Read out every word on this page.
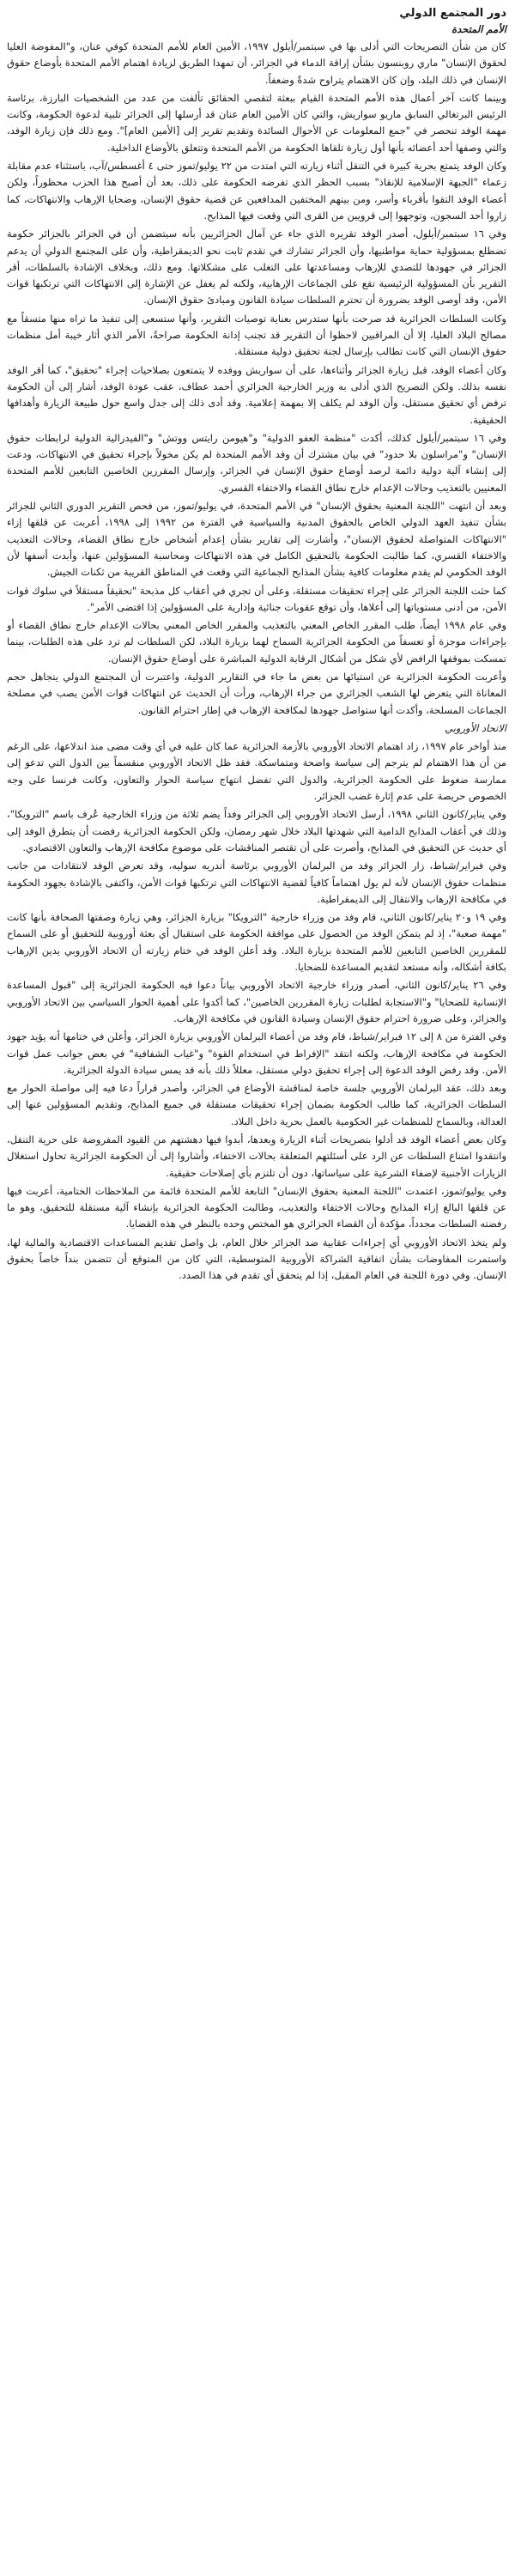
دور المجتمع الدولي
الأمم المتحدة

كان من شأن التصريحات التي أدلى بها في سبتمبر/أيلول ١٩٩٧، الأمين العام للأمم المتحدة كوفي عنان، و"المفوضة العليا لحقوق الإنسان" ماري روبنسون بشأن إراقة الدماء في الجزائر، أن تمهدا الطريق لزيادة اهتمام الأمم المتحدة بأوضاع حقوق الإنسان في ذلك البلد، وإن كان الاهتمام يتراوح شدةً وضعفاً.

وبينما كانت آخر أعمال هذه الأمم المتحدة القيام ببعثة لتقصي الحقائق تألفت من عدد من الشخصيات البارزة، برئاسة الرئيس البرتغالي السابق ماريو سواريش، والتي كان الأمين العام عنان قد أرسلها إلى الجزائر تلبية لدعوة الحكومة، وكانت مهمة الوفد تنحصر في "جمع المعلومات عن الأحوال السائدة وتقديم تقرير إلى [الأمين العام]". ومع ذلك فإن زيارة الوفد، والتي وصفها أحد أعضائه بأنها أول زيارة تلقاها الحكومة من الأمم المتحدة وتتعلق بالأوضاع الداخلية.

وكان الوفد يتمتع بحرية كبيرة في التنقل أثناء زيارته التي امتدت من ٢٢ يوليو/تموز حتى ٤ أغسطس/آب، باستثناء عدم مقابلة زعماء "الجبهة الإسلامية للإنقاذ" بسبب الحظر الذي تفرضه الحكومة على ذلك، بعد أن أصبح هذا الحزب محظوراً، ولكن أعضاء الوفد التقوا بأقرباء وأسر، ومن بينهم المختفين المدافعين عن قضية حقوق الإنسان، وضحايا الإرهاب والانتهاكات، كما زاروا أحد السجون، وتوجهوا إلى قرويين من القرى التي وقعت فيها المذابح.

وفي ١٦ سبتمبر/أيلول، أصدر الوفد تقريره الذي جاء عن آمال الجزائريين بأنه سيتضمن أن في الجزائر بالجزائر حكومة تضطلع بمسؤولية حماية مواطنيها، وأن الجزائر تشارك في تقدم ثابت نحو الديمقراطية، وأن على المجتمع الدولي أن يدعم الجزائر في جهودها للتصدي للإرهاب ومساعدتها على التغلب على مشكلاتها. ومع ذلك، وبخلاف الإشادة بالسلطات، أقر التقرير بأن المسؤولية الرئيسية تقع على الجماعات الإرهابية، ولكنه لم يغفل عن الإشارة إلى الانتهاكات التي ترتكبها قوات الأمن، وقد أوصى الوفد بضرورة أن تحترم السلطات سيادة القانون ومبادئ حقوق الإنسان.

وكانت السلطات الجزائرية قد صرحت بأنها ستدرس بعناية توصيات التقرير، وأنها ستسعى إلى تنفيذ ما تراه منها متسقاً مع مصالح البلاد العليا، إلا أن المراقبين لاحظوا أن التقرير قد تجنب إدانة الحكومة صراحةً، الأمر الذي أثار خيبة أمل منظمات حقوق الإنسان التي كانت تطالب بإرسال لجنة تحقيق دولية مستقلة.

وكان أعضاء الوفد، قبل زيارة الجزائر وأثناءها، على أن سواريش ووفده لا يتمتعون بصلاحيات إجراء "تحقيق"، كما أقر الوفد نفسه بذلك. ولكن التصريح الذي أدلى به وزير الخارجية الجزائري أحمد عطاف، عقب عودة الوفد، أشار إلى أن الحكومة ترفض أي تحقيق مستقل، وأن الوفد لم يكلف إلا بمهمة إعلامية. وقد أدى ذلك إلى جدل واسع حول طبيعة الزيارة وأهدافها الحقيقية.

وفي ١٦ سبتمبر/أيلول كذلك، أكدت "منظمة العفو الدولية" و"هيومن رايتس ووتش" و"الفيدرالية الدولية لرابطات حقوق الإنسان" و"مراسلون بلا حدود" في بيان مشترك أن وفد الأمم المتحدة لم يكن مخولاً بإجراء تحقيق في الانتهاكات، ودعت إلى إنشاء آلية دولية دائمة لرصد أوضاع حقوق الإنسان في الجزائر، وإرسال المقررين الخاصين التابعين للأمم المتحدة المعنيين بالتعذيب وحالات الإعدام خارج نطاق القضاء والاختفاء القسري.

وبعد أن انتهت "اللجنة المعنية بحقوق الإنسان" في الأمم المتحدة، في يوليو/تموز، من فحص التقرير الدوري الثاني للجزائر بشأن تنفيذ العهد الدولي الخاص بالحقوق المدنية والسياسية في الفترة من ١٩٩٢ إلى ١٩٩٨، أعربت عن قلقها إزاء "الانتهاكات المتواصلة لحقوق الإنسان"، وأشارت إلى تقارير بشأن إعدام أشخاص خارج نطاق القضاء، وحالات التعذيب والاختفاء القسري، كما طالبت الحكومة بالتحقيق الكامل في هذه الانتهاكات ومحاسبة المسؤولين عنها، وأبدت أسفها لأن الوفد الحكومي لم يقدم معلومات كافية بشأن المذابح الجماعية التي وقعت في المناطق القريبة من ثكنات الجيش.

كما حثت اللجنة الجزائر على إجراء تحقيقات مستقلة، وعلى أن تجري في أعقاب كل مذبحة "تحقيقاً مستقلاً في سلوك قوات الأمن، من أدنى مستوياتها إلى أعلاها، وأن توقع عقوبات جنائية وإدارية على المسؤولين إذا اقتضى الأمر".

وفي عام ١٩٩٨ أيضاً، طلب المقرر الخاص المعني بالتعذيب والمقرر الخاص المعني بحالات الإعدام خارج نطاق القضاء أو بإجراءات موجزة أو تعسفاً من الحكومة الجزائرية السماح لهما بزيارة البلاد، لكن السلطات لم ترد على هذه الطلبات، بينما تمسكت بموقفها الرافض لأي شكل من أشكال الرقابة الدولية المباشرة على أوضاع حقوق الإنسان.

وأعربت الحكومة الجزائرية عن استيائها من بعض ما جاء في التقارير الدولية، واعتبرت أن المجتمع الدولي يتجاهل حجم المعاناة التي يتعرض لها الشعب الجزائري من جراء الإرهاب، ورأت أن الحديث عن انتهاكات قوات الأمن يصب في مصلحة الجماعات المسلحة، وأكدت أنها ستواصل جهودها لمكافحة الإرهاب في إطار احترام القانون.

الاتحاد الأوروبي

منذ أواخر عام ١٩٩٧، زاد اهتمام الاتحاد الأوروبي بالأزمة الجزائرية عما كان عليه في أي وقت مضى منذ اندلاعها، على الرغم من أن هذا الاهتمام لم يترجم إلى سياسة واضحة ومتماسكة. فقد ظل الاتحاد الأوروبي منقسماً بين الدول التي تدعو إلى ممارسة ضغوط على الحكومة الجزائرية، والدول التي تفضل انتهاج سياسة الحوار والتعاون، وكانت فرنسا على وجه الخصوص حريصة على عدم إثارة غضب الجزائر.

وفي يناير/كانون الثاني ١٩٩٨، أرسل الاتحاد الأوروبي إلى الجزائر وفداً يضم ثلاثة من وزراء الخارجية عُرف باسم "الترويكا"، وذلك في أعقاب المذابح الدامية التي شهدتها البلاد خلال شهر رمضان، ولكن الحكومة الجزائرية رفضت أن يتطرق الوفد إلى أي حديث عن التحقيق في المذابح، وأصرت على أن تقتصر المناقشات على موضوع مكافحة الإرهاب والتعاون الاقتصادي.

وفي فبراير/شباط، زار الجزائر وفد من البرلمان الأوروبي برئاسة أندريه سوليه، وقد تعرض الوفد لانتقادات من جانب منظمات حقوق الإنسان لأنه لم يول اهتماماً كافياً لقضية الانتهاكات التي ترتكبها قوات الأمن، واكتفى بالإشادة بجهود الحكومة في مكافحة الإرهاب والانتقال إلى الديمقراطية.

وفي ١٩ و٢٠ يناير/كانون الثاني، قام وفد من وزراء خارجية "الترويكا" بزيارة الجزائر، وهي زيارة وصفتها الصحافة بأنها كانت "مهمة صعبة"، إذ لم يتمكن الوفد من الحصول على موافقة الحكومة على استقبال أي بعثة أوروبية للتحقيق أو على السماح للمقررين الخاصين التابعين للأمم المتحدة بزيارة البلاد. وقد أعلن الوفد في ختام زيارته أن الاتحاد الأوروبي يدين الإرهاب بكافة أشكاله، وأنه مستعد لتقديم المساعدة للضحايا.

وفي ٢٦ يناير/كانون الثاني، أصدر وزراء خارجية الاتحاد الأوروبي بياناً دعوا فيه الحكومة الجزائرية إلى "قبول المساعدة الإنسانية للضحايا" و"الاستجابة لطلبات زيارة المقررين الخاصين"، كما أكدوا على أهمية الحوار السياسي بين الاتحاد الأوروبي والجزائر، وعلى ضرورة احترام حقوق الإنسان وسيادة القانون في مكافحة الإرهاب.

وفي الفترة من ٨ إلى ١٢ فبراير/شباط، قام وفد من أعضاء البرلمان الأوروبي بزيارة الجزائر، وأعلن في ختامها أنه يؤيد جهود الحكومة في مكافحة الإرهاب، ولكنه انتقد "الإفراط في استخدام القوة" و"غياب الشفافية" في بعض جوانب عمل قوات الأمن. وقد رفض الوفد الدعوة إلى إجراء تحقيق دولي مستقل، معللاً ذلك بأنه قد يمس سيادة الدولة الجزائرية.

وبعد ذلك، عقد البرلمان الأوروبي جلسة خاصة لمناقشة الأوضاع في الجزائر، وأصدر قراراً دعا فيه إلى مواصلة الحوار مع السلطات الجزائرية، كما طالب الحكومة بضمان إجراء تحقيقات مستقلة في جميع المذابح، وتقديم المسؤولين عنها إلى العدالة، وبالسماح للمنظمات غير الحكومية بالعمل بحرية داخل البلاد.

وكان بعض أعضاء الوفد قد أدلوا بتصريحات أثناء الزيارة وبعدها، أبدوا فيها دهشتهم من القيود المفروضة على حرية التنقل، وانتقدوا امتناع السلطات عن الرد على أسئلتهم المتعلقة بحالات الاختفاء، وأشاروا إلى أن الحكومة الجزائرية تحاول استغلال الزيارات الأجنبية لإضفاء الشرعية على سياساتها، دون أن تلتزم بأي إصلاحات حقيقية.

وفي يوليو/تموز، اعتمدت "اللجنة المعنية بحقوق الإنسان" التابعة للأمم المتحدة قائمة من الملاحظات الختامية، أعربت فيها عن قلقها البالغ إزاء المذابح وحالات الاختفاء والتعذيب، وطالبت الحكومة الجزائرية بإنشاء آلية مستقلة للتحقيق، وهو ما رفضته السلطات مجدداً، مؤكدة أن القضاء الجزائري هو المختص وحده بالنظر في هذه القضايا.

ولم يتخذ الاتحاد الأوروبي أي إجراءات عقابية ضد الجزائر خلال العام، بل واصل تقديم المساعدات الاقتصادية والمالية لها، واستمرت المفاوضات بشأن اتفاقية الشراكة الأوروبية المتوسطية، التي كان من المتوقع أن تتضمن بنداً خاصاً بحقوق الإنسان. وفي دورة اللجنة في العام المقبل، إذا لم يتحقق أي تقدم في هذا الصدد.
